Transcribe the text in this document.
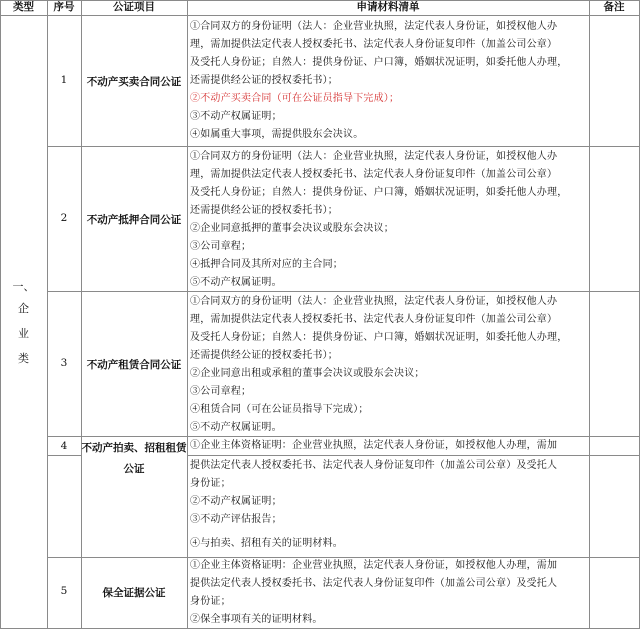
类型	序号	公证项目	申请材料清单	备注
一、
企
业
类
1	不动产买卖合同公证
①合同双方的身份证明（法人：企业营业执照，法定代表人身份证，如授权他人办
理，需加提供法定代表人授权委托书、法定代表人身份证复印件（加盖公司公章）
及受托人身份证；自然人：提供身份证、户口簿，婚姻状况证明，如委托他人办理，
还需提供经公证的授权委托书）；
②不动产买卖合同（可在公证员指导下完成）；
③不动产权属证明；
④如属重大事项，需提供股东会决议。
2	不动产抵押合同公证
①合同双方的身份证明（法人：企业营业执照，法定代表人身份证，如授权他人办
理，需加提供法定代表人授权委托书、法定代表人身份证复印件（加盖公司公章）
及受托人身份证；自然人：提供身份证、户口簿，婚姻状况证明，如委托他人办理，
还需提供经公证的授权委托书）；
②企业同意抵押的董事会决议或股东会决议；
③公司章程；
④抵押合同及其所对应的主合同；
⑤不动产权属证明。
3	不动产租赁合同公证
①合同双方的身份证明（法人：企业营业执照，法定代表人身份证，如授权他人办
理，需加提供法定代表人授权委托书、法定代表人身份证复印件（加盖公司公章）
及受托人身份证；自然人：提供身份证、户口簿，婚姻状况证明，如委托他人办理，
还需提供经公证的授权委托书）；
②企业同意出租或承租的董事会决议或股东会决议；
③公司章程；
④租赁合同（可在公证员指导下完成）；
⑤不动产权属证明。
4	不动产拍卖、招租租赁
公证
①企业主体资格证明：企业营业执照，法定代表人身份证，如授权他人办理，需加
提供法定代表人授权委托书、法定代表人身份证复印件（加盖公司公章）及受托人
身份证；
②不动产权属证明；
③不动产评估报告；
④与拍卖、招租有关的证明材料。
5	保全证据公证
①企业主体资格证明：企业营业执照，法定代表人身份证，如授权他人办理，需加
提供法定代表人授权委托书、法定代表人身份证复印件（加盖公司公章）及受托人
身份证；
②保全事项有关的证明材料。
